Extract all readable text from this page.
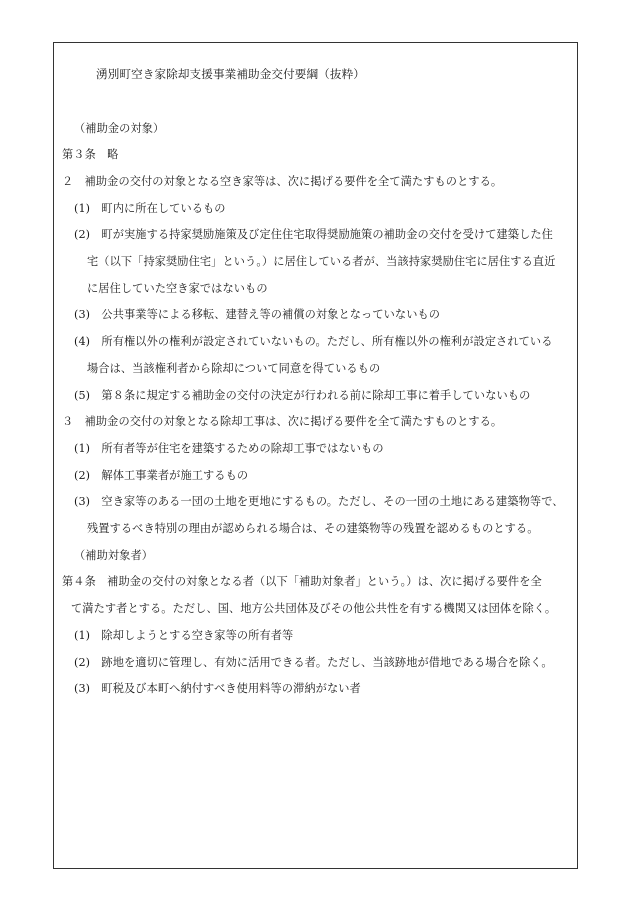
湧別町空き家除却支援事業補助金交付要綱（抜粋）
（補助金の対象）
第３条　略
２　補助金の交付の対象となる空き家等は、次に掲げる要件を全て満たすものとする。
(1)　町内に所在しているもの
(2)　町が実施する持家奨励施策及び定住住宅取得奨励施策の補助金の交付を受けて建築した住
宅（以下「持家奨励住宅」という。）に居住している者が、当該持家奨励住宅に居住する直近
に居住していた空き家ではないもの
(3)　公共事業等による移転、建替え等の補償の対象となっていないもの
(4)　所有権以外の権利が設定されていないもの。ただし、所有権以外の権利が設定されている
場合は、当該権利者から除却について同意を得ているもの
(5)　第８条に規定する補助金の交付の決定が行われる前に除却工事に着手していないもの
３　補助金の交付の対象となる除却工事は、次に掲げる要件を全て満たすものとする。
(1)　所有者等が住宅を建築するための除却工事ではないもの
(2)　解体工事業者が施工するもの
(3)　空き家等のある一団の土地を更地にするもの。ただし、その一団の土地にある建築物等で、
残置するべき特別の理由が認められる場合は、その建築物等の残置を認めるものとする。
（補助対象者）
第４条　補助金の交付の対象となる者（以下「補助対象者」という。）は、次に掲げる要件を全
て満たす者とする。ただし、国、地方公共団体及びその他公共性を有する機関又は団体を除く。
(1)　除却しようとする空き家等の所有者等
(2)　跡地を適切に管理し、有効に活用できる者。ただし、当該跡地が借地である場合を除く。
(3)　町税及び本町へ納付すべき使用料等の滞納がない者
